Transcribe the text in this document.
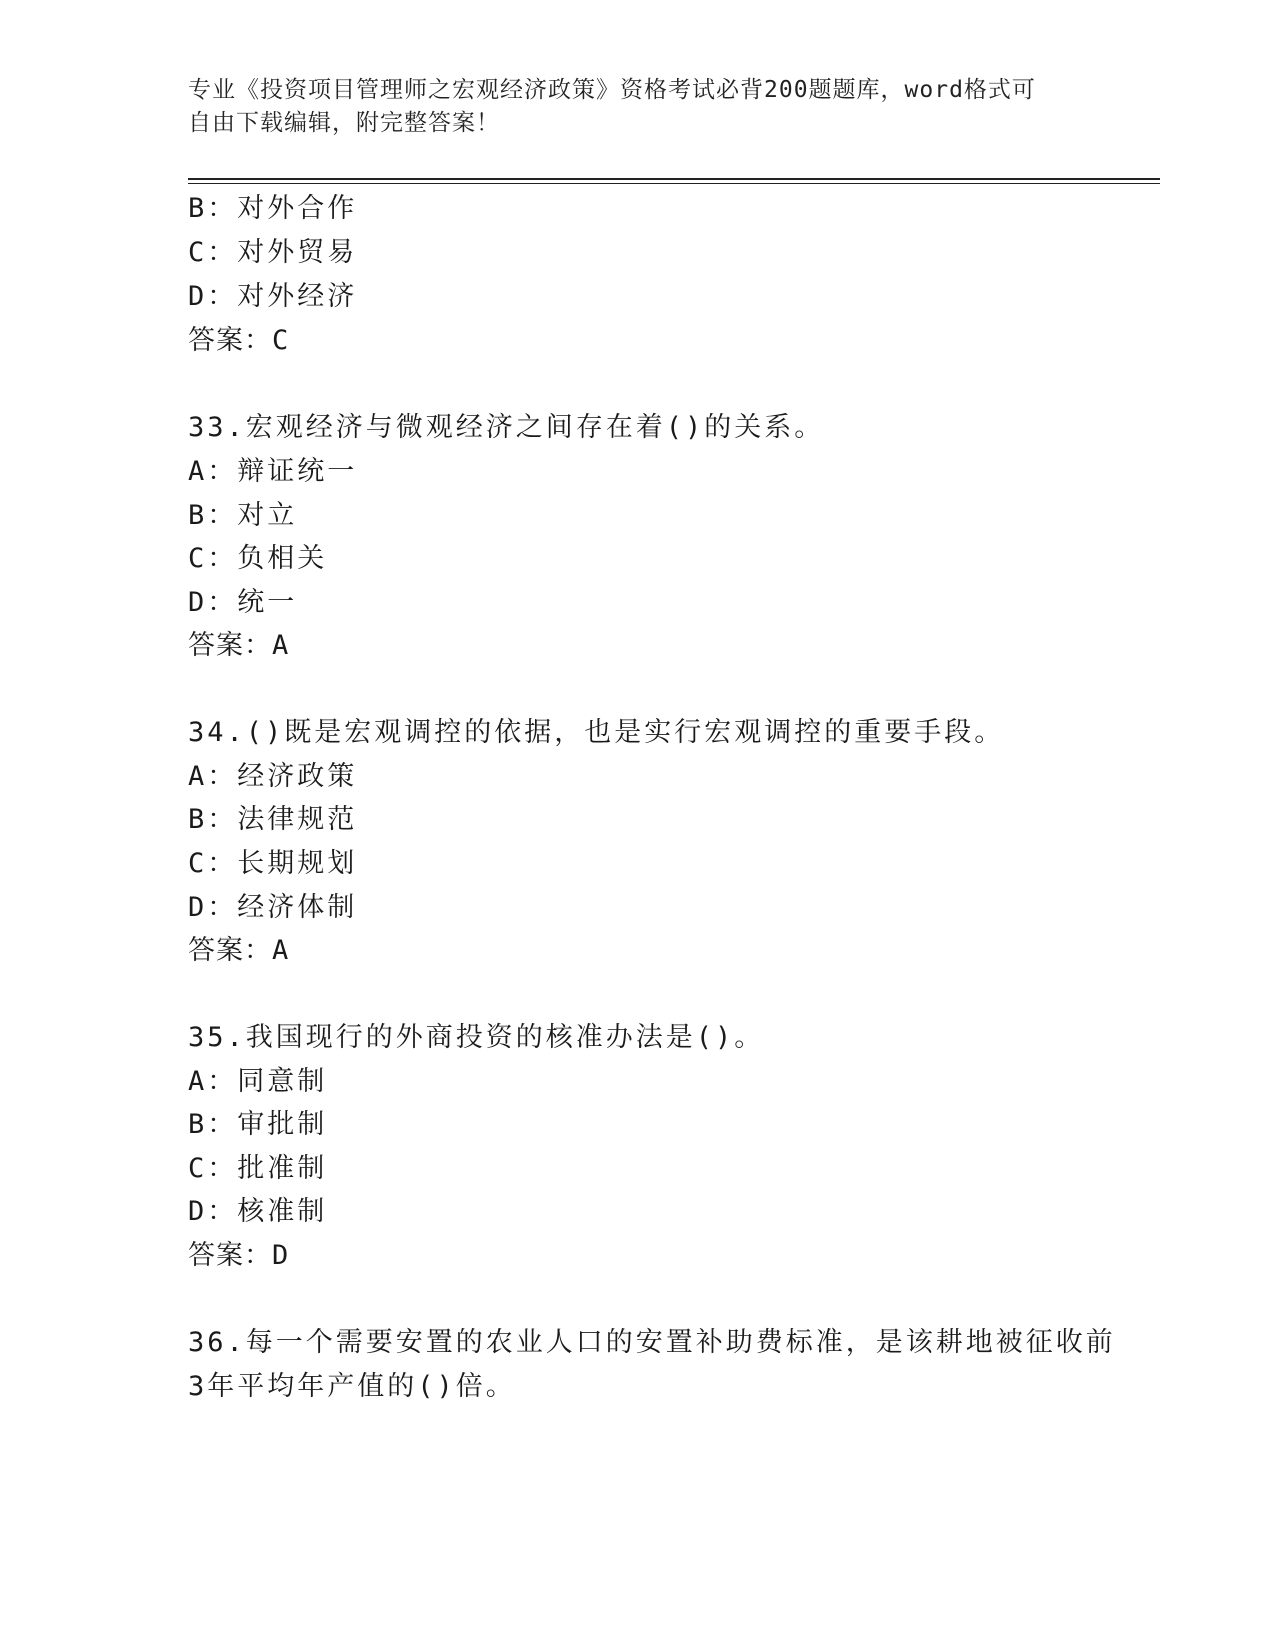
专业《投资项目管理师之宏观经济政策》资格考试必背200题题库，word格式可
自由下载编辑，附完整答案！
B：对外合作
C：对外贸易
D：对外经济
答案：C
33.宏观经济与微观经济之间存在着()的关系。
A：辩证统一
B：对立
C：负相关
D：统一
答案：A
34.()既是宏观调控的依据，也是实行宏观调控的重要手段。
A：经济政策
B：法律规范
C：长期规划
D：经济体制
答案：A
35.我国现行的外商投资的核准办法是()。
A：同意制
B：审批制
C：批准制
D：核准制
答案：D
36.每一个需要安置的农业人口的安置补助费标准，是该耕地被征收前
3年平均年产值的()倍。
